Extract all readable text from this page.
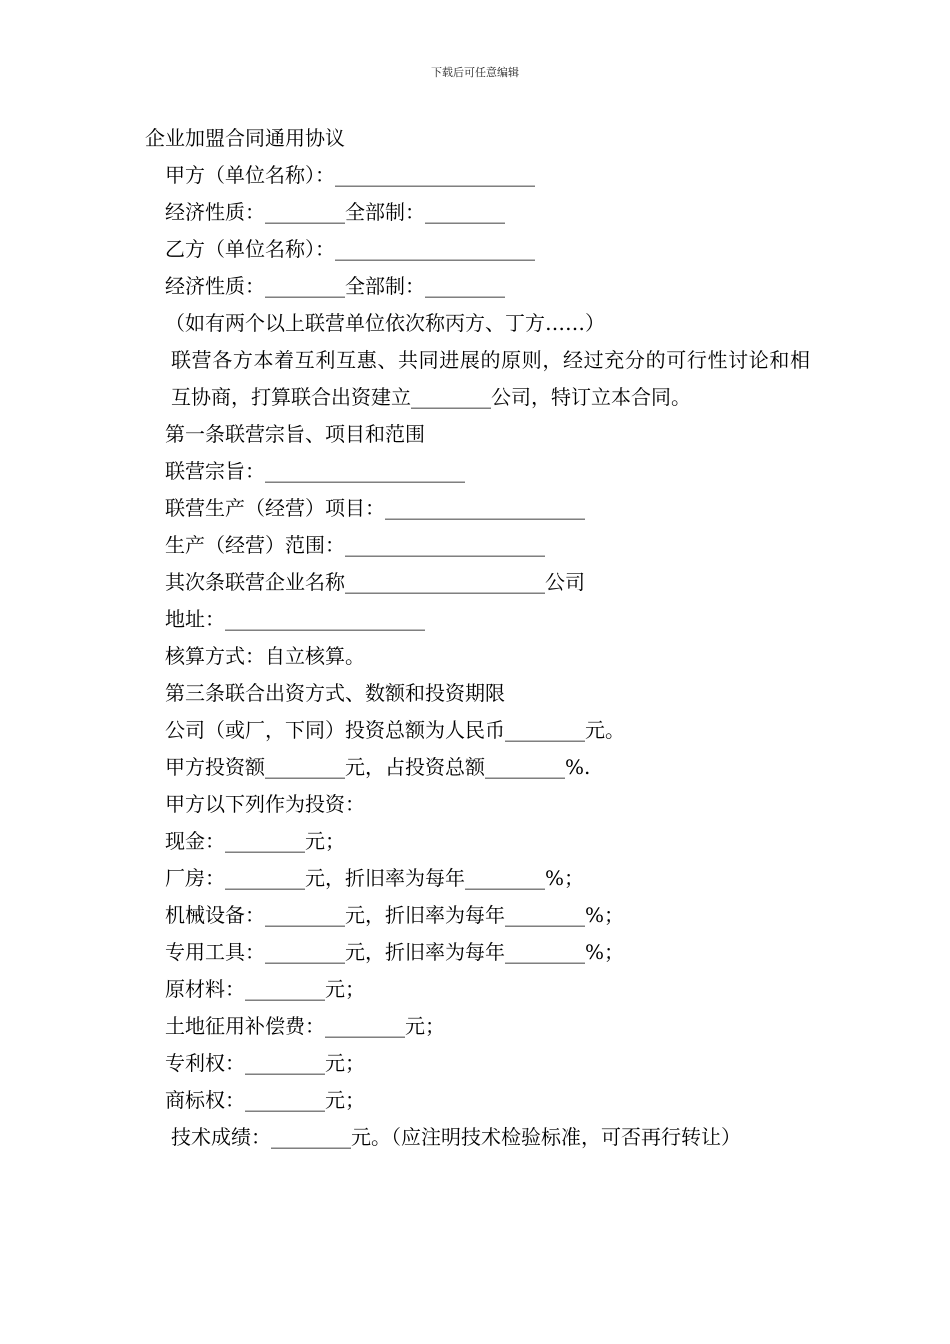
下载后可任意编辑
企业加盟合同通用协议
甲方（单位名称）：____________________
经济性质：________全部制：________
乙方（单位名称）：____________________
经济性质：________全部制：________
（如有两个以上联营单位依次称丙方、丁方……）
联营各方本着互利互惠、共同进展的原则，经过充分的可行性讨论和相互协商，打算联合出资建立________公司，特订立本合同。
第一条联营宗旨、项目和范围
联营宗旨：____________________
联营生产（经营）项目：____________________
生产（经营）范围：____________________
其次条联营企业名称____________________公司
地址：____________________
核算方式：自立核算。
第三条联合出资方式、数额和投资期限
公司（或厂，下同）投资总额为人民币________元。
甲方投资额________元，占投资总额________%.
甲方以下列作为投资：
现金：________元；
厂房：________元，折旧率为每年________%；
机械设备：________元，折旧率为每年________%；
专用工具：________元，折旧率为每年________%；
原材料：________元；
土地征用补偿费：________元；
专利权：________元；
商标权：________元；
技术成绩：________元。（应注明技术检验标准，可否再行转让）
